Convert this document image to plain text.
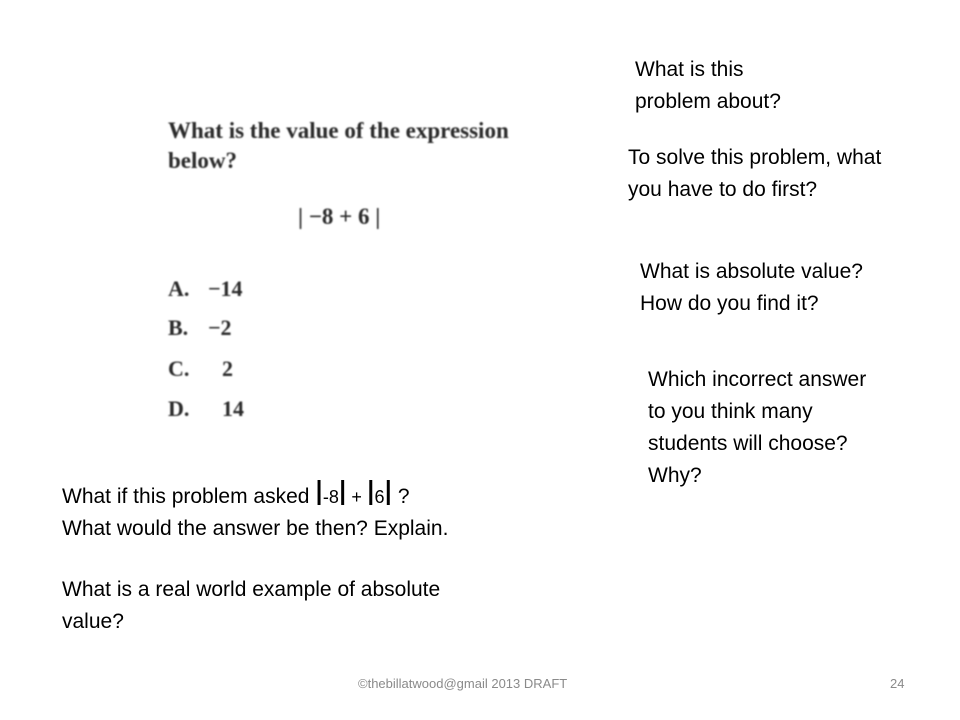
What is the value of the expression below?
| −8 + 6 |
A. −14
B. −2
C. 2
D. 14
What is this
problem about?
To solve this problem, what
you have to do first?
What is absolute value?
How do you find it?
Which incorrect answer
to you think many
students will choose?
Why?
What if this problem asked l-8l + l6l ?
What would the answer be then? Explain.
What is a real world example of absolute
value?
©thebillatwood@gmail 2013 DRAFT	24
